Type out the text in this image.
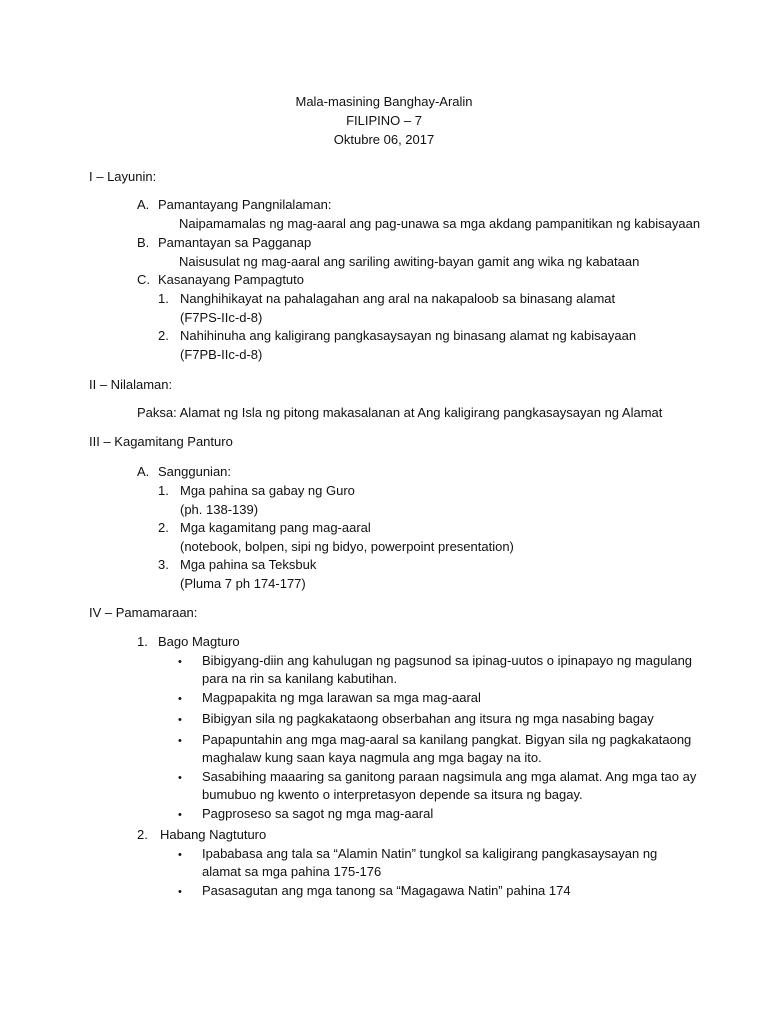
Mala-masining Banghay-Aralin
FILIPINO – 7
Oktubre 06, 2017
I – Layunin:
A. Pamantayang Pangnilalaman:
Naipamamalas ng mag-aaral ang pag-unawa sa mga akdang pampanitikan ng kabisayaan
B. Pamantayan sa Pagganap
Naisusulat ng mag-aaral ang sariling awiting-bayan gamit ang wika ng kabataan
C. Kasanayang Pampagtuto
1. Nanghihikayat na pahalagahan ang aral na nakapaloob sa binasang alamat
(F7PS-IIc-d-8)
2. Nahihinuha ang kaligirang pangkasaysayan ng binasang alamat ng kabisayaan
(F7PB-IIc-d-8)
II – Nilalaman:
Paksa: Alamat ng Isla ng pitong makasalanan at Ang kaligirang pangkasaysayan ng Alamat
III – Kagamitang Panturo
A. Sanggunian:
1. Mga pahina sa gabay ng Guro
(ph. 138-139)
2. Mga kagamitang pang mag-aaral
(notebook, bolpen, sipi ng bidyo, powerpoint presentation)
3. Mga pahina sa Teksbuk
(Pluma 7 ph 174-177)
IV – Pamamaraan:
1. Bago Magturo
• Bibigyang-diin ang kahulugan ng pagsunod sa ipinag-uutos o ipinapayo ng magulang
para na rin sa kanilang kabutihan.
• Magpapakita ng mga larawan sa mga mag-aaral
• Bibigyan sila ng pagkakataong obserbahan ang itsura ng mga nasabing bagay
• Papapuntahin ang mga mag-aaral sa kanilang pangkat. Bigyan sila ng pagkakataong
maghalaw kung saan kaya nagmula ang mga bagay na ito.
• Sasabihing maaaring sa ganitong paraan nagsimula ang mga alamat. Ang mga tao ay
bumubuo ng kwento o interpretasyon depende sa itsura ng bagay.
• Pagproseso sa sagot ng mga mag-aaral
2. Habang Nagtuturo
• Ipababasa ang tala sa “Alamin Natin” tungkol sa kaligirang pangkasaysayan ng
alamat sa mga pahina 175-176
• Pasasagutan ang mga tanong sa “Magagawa Natin” pahina 174
